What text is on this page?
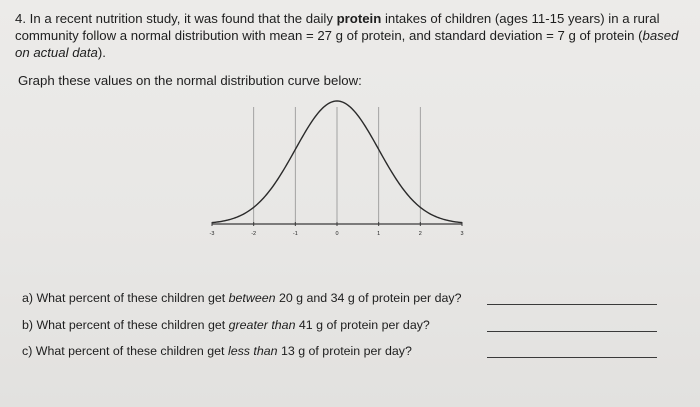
4. In a recent nutrition study, it was found that the daily protein intakes of children (ages 11-15 years) in a rural community follow a normal distribution with mean = 27 g of protein, and standard deviation = 7 g of protein (based on actual data).
Graph these values on the normal distribution curve below:
-3	-2	-1	0	1	2	3
a) What percent of these children get between 20 g and 34 g of protein per day?
b) What percent of these children get greater than 41 g of protein per day?
c) What percent of these children get less than 13 g of protein per day?
